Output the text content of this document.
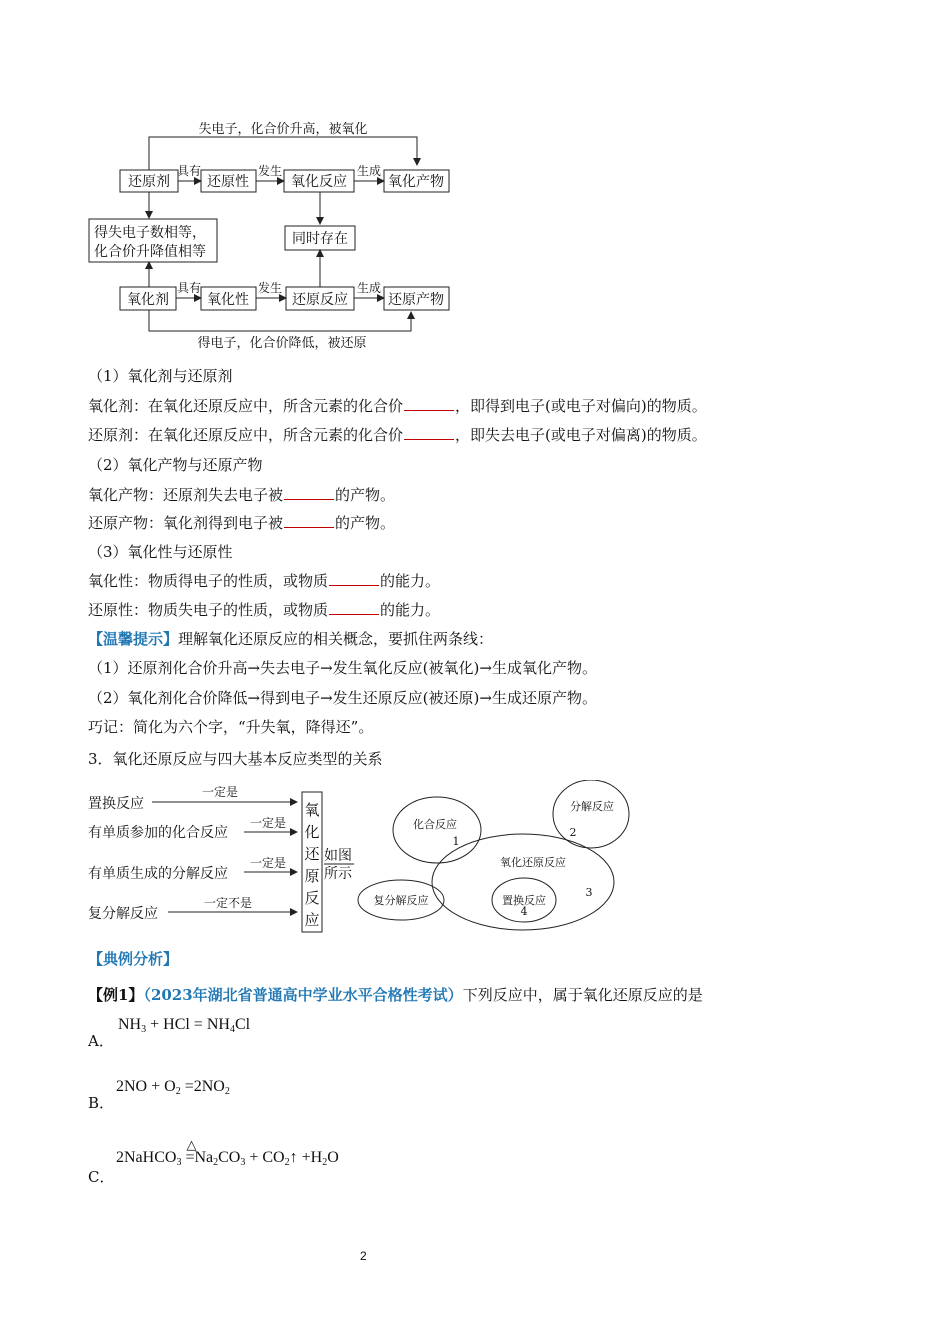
失电子，化合价升高，被氧化
还原剂	还原性	氧化反应	氧化产物
具有	发生	生成
得失电子数相等，
化合价升降值相等
同时存在
氧化剂	氧化性	还原反应	还原产物
具有	发生	生成
得电子，化合价降低，被还原
（1）氧化剂与还原剂
氧化剂：在氧化还原反应中，所含元素的化合价	，即得到电子(或电子对偏向)的物质。
还原剂：在氧化还原反应中，所含元素的化合价	，即失去电子(或电子对偏离)的物质。
（2）氧化产物与还原产物
氧化产物：还原剂失去电子被	的产物。
还原产物：氧化剂得到电子被	的产物。
（3）氧化性与还原性
氧化性：物质得电子的性质，或物质	的能力。
还原性：物质失电子的性质，或物质	的能力。
【温馨提示】理解氧化还原反应的相关概念，要抓住两条线：
（1）还原剂化合价升高→失去电子→发生氧化反应(被氧化)→生成氧化产物。
（2）氧化剂化合价降低→得到电子→发生还原反应(被还原)→生成还原产物。
巧记：简化为六个字，“升失氧，降得还”。
3．氧化还原反应与四大基本反应类型的关系
置换反应
有单质参加的化合反应
有单质生成的分解反应
复分解反应
一定是
一定是
一定是
一定不是
氧
化
还
原
反
应
如图
所示
化合反应
分解反应
氧化还原反应
复分解反应	置换反应
1
2
3
4
【典例分析】
【例1】（2023年湖北省普通高中学业水平合格性考试）下列反应中，属于氧化还原反应的是
A．
$NH_3$ + HCl = $NH_4Cl$
B．
$2NO + O_2 =2NO_2$
C．
2NaHCO$_3$
△
$=Na_2CO_3$ + $CO_2↑ +H_2O$
2
